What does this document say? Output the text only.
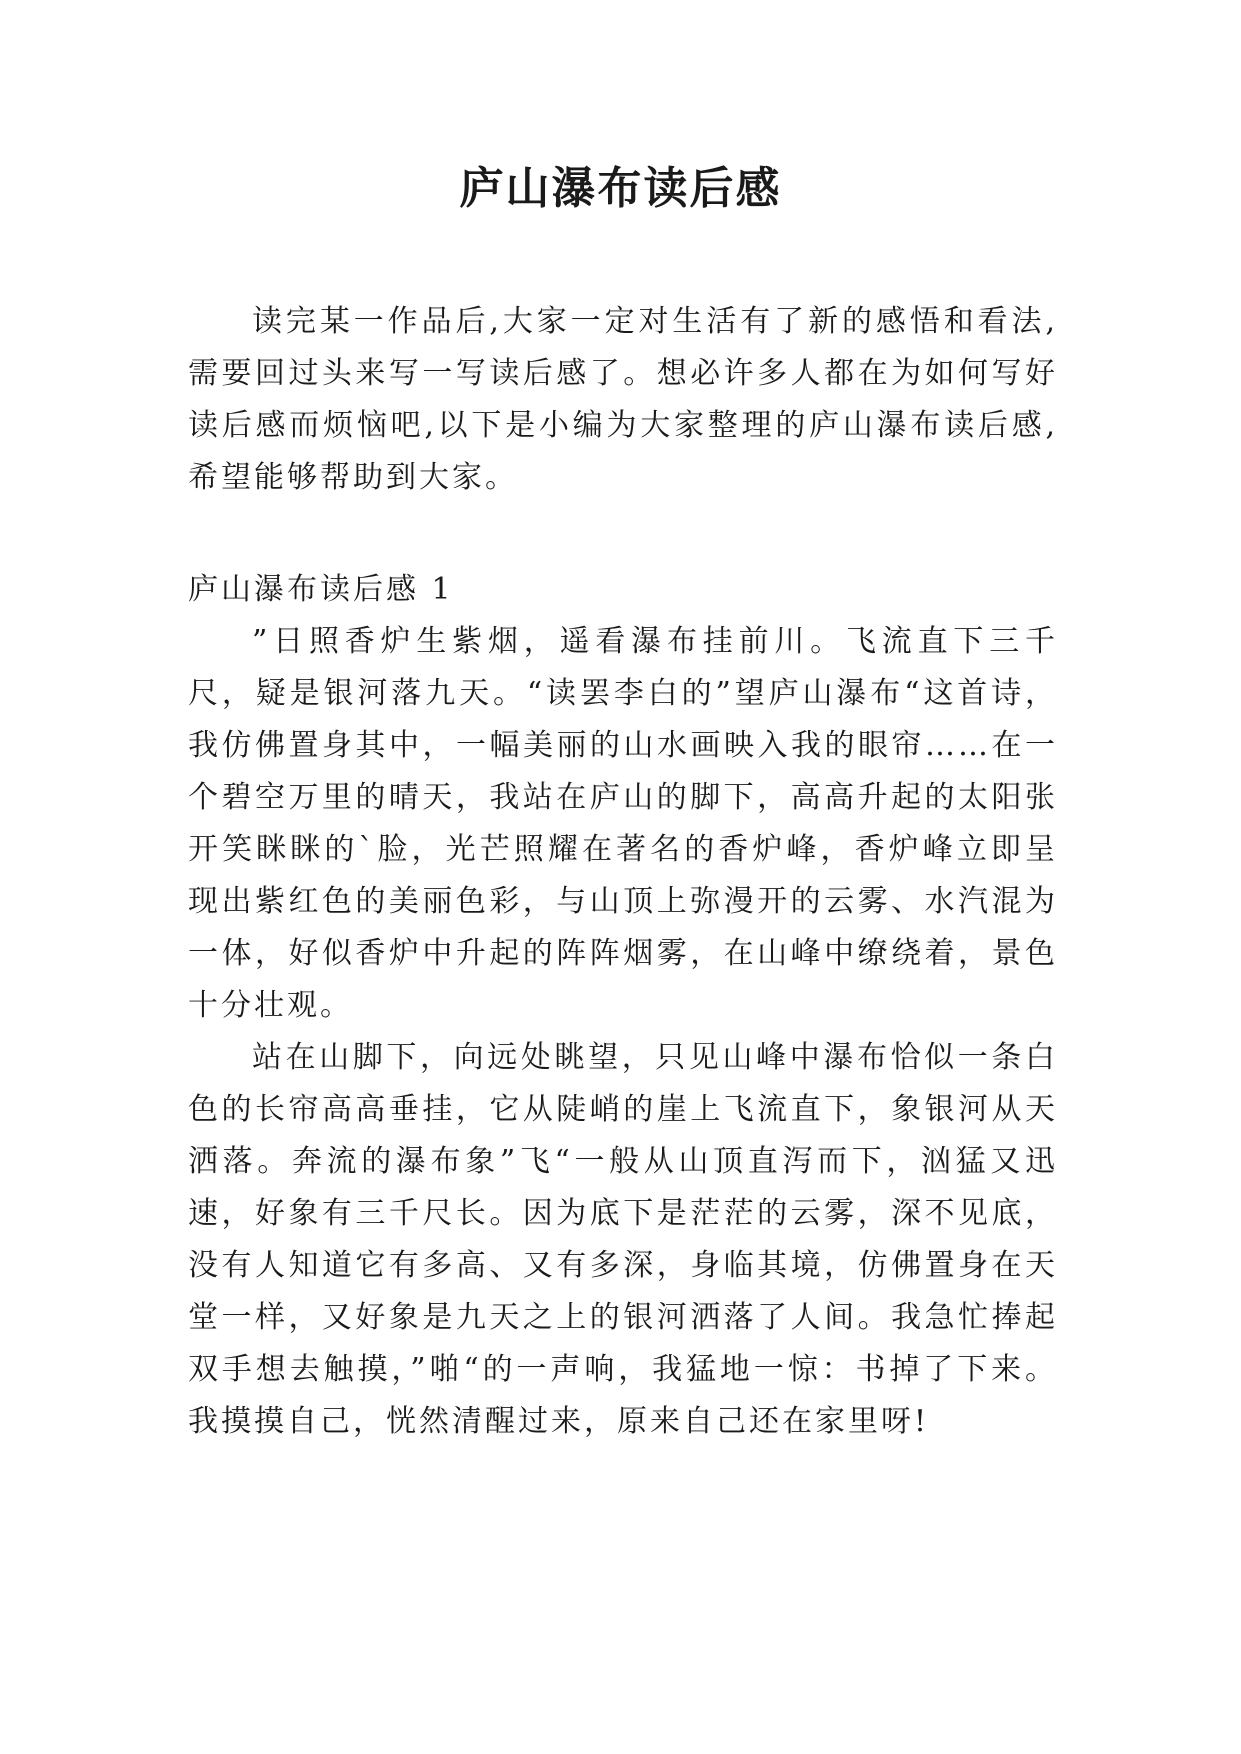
庐山瀑布读后感

读完某一作品后,大家一定对生活有了新的感悟和看法,需要回过头来写一写读后感了。想必许多人都在为如何写好读后感而烦恼吧,以下是小编为大家整理的庐山瀑布读后感,希望能够帮助到大家。

庐山瀑布读后感 1

”日照香炉生紫烟，遥看瀑布挂前川。飞流直下三千尺，疑是银河落九天。“读罢李白的”望庐山瀑布“这首诗，我仿佛置身其中，一幅美丽的山水画映入我的眼帘……在一个碧空万里的晴天，我站在庐山的脚下，高高升起的太阳张开笑眯眯的`脸，光芒照耀在著名的香炉峰，香炉峰立即呈现出紫红色的美丽色彩，与山顶上弥漫开的云雾、水汽混为一体，好似香炉中升起的阵阵烟雾，在山峰中缭绕着，景色十分壮观。

站在山脚下，向远处眺望，只见山峰中瀑布恰似一条白色的长帘高高垂挂，它从陡峭的崖上飞流直下，象银河从天洒落。奔流的瀑布象”飞“一般从山顶直泻而下，汹猛又迅速，好象有三千尺长。因为底下是茫茫的云雾，深不见底，没有人知道它有多高、又有多深，身临其境，仿佛置身在天堂一样，又好象是九天之上的银河洒落了人间。我急忙捧起双手想去触摸，”啪“的一声响，我猛地一惊：书掉了下来。我摸摸自己，恍然清醒过来，原来自己还在家里呀!
